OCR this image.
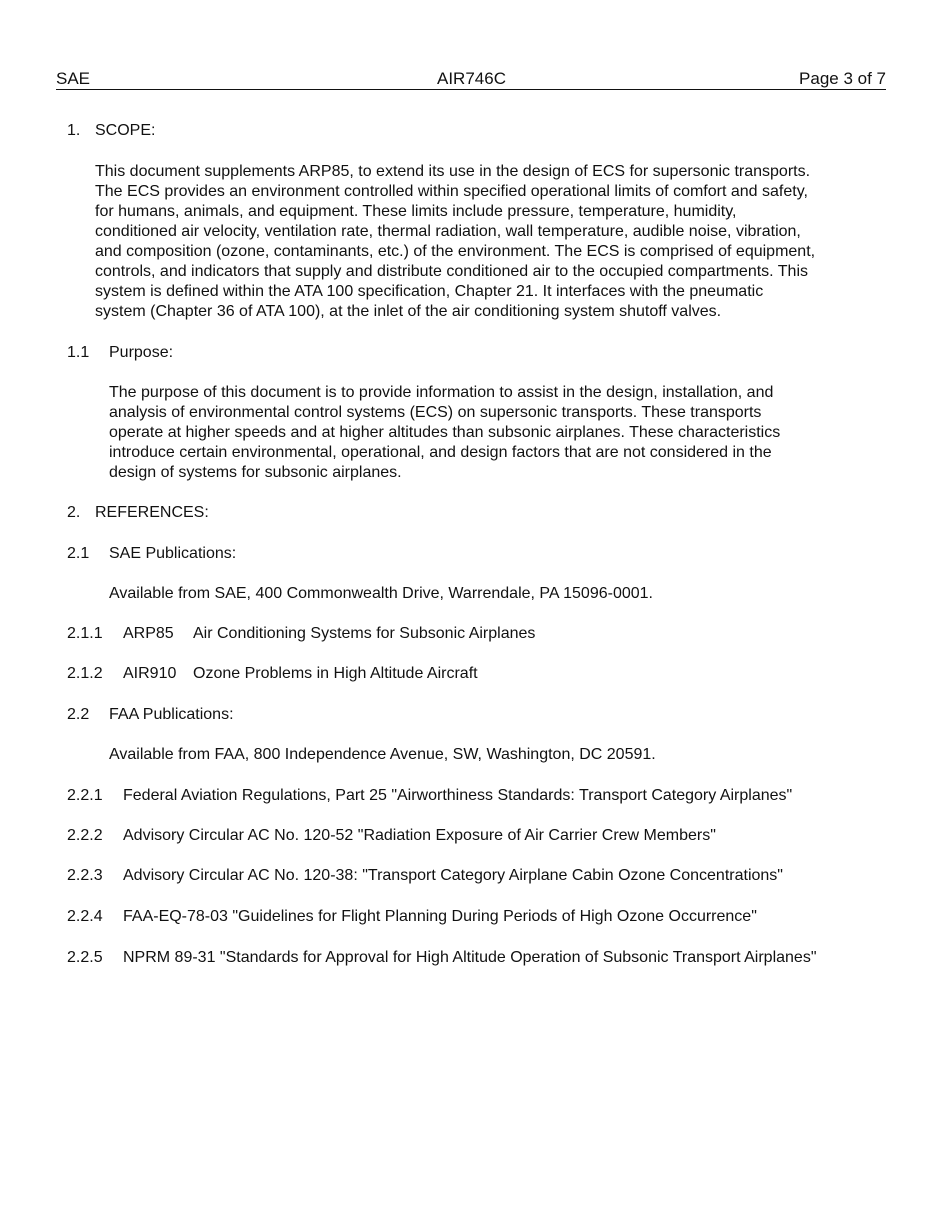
SAE	AIR746C	Page 3 of 7
1. SCOPE:
This document supplements ARP85, to extend its use in the design of ECS for supersonic transports.
The ECS provides an environment controlled within specified operational limits of comfort and safety,
for humans, animals, and equipment. These limits include pressure, temperature, humidity,
conditioned air velocity, ventilation rate, thermal radiation, wall temperature, audible noise, vibration,
and composition (ozone, contaminants, etc.) of the environment. The ECS is comprised of equipment,
controls, and indicators that supply and distribute conditioned air to the occupied compartments. This
system is defined within the ATA 100 specification, Chapter 21. It interfaces with the pneumatic
system (Chapter 36 of ATA 100), at the inlet of the air conditioning system shutoff valves.
1.1 Purpose:
The purpose of this document is to provide information to assist in the design, installation, and
analysis of environmental control systems (ECS) on supersonic transports. These transports
operate at higher speeds and at higher altitudes than subsonic airplanes. These characteristics
introduce certain environmental, operational, and design factors that are not considered in the
design of systems for subsonic airplanes.
2. REFERENCES:
2.1 SAE Publications:
Available from SAE, 400 Commonwealth Drive, Warrendale, PA 15096-0001.
2.1.1 ARP85 Air Conditioning Systems for Subsonic Airplanes
2.1.2 AIR910 Ozone Problems in High Altitude Aircraft
2.2 FAA Publications:
Available from FAA, 800 Independence Avenue, SW, Washington, DC 20591.
2.2.1 Federal Aviation Regulations, Part 25 "Airworthiness Standards: Transport Category Airplanes"
2.2.2 Advisory Circular AC No. 120-52 "Radiation Exposure of Air Carrier Crew Members"
2.2.3 Advisory Circular AC No. 120-38: "Transport Category Airplane Cabin Ozone Concentrations"
2.2.4 FAA-EQ-78-03 "Guidelines for Flight Planning During Periods of High Ozone Occurrence"
2.2.5 NPRM 89-31 "Standards for Approval for High Altitude Operation of Subsonic Transport Airplanes"
